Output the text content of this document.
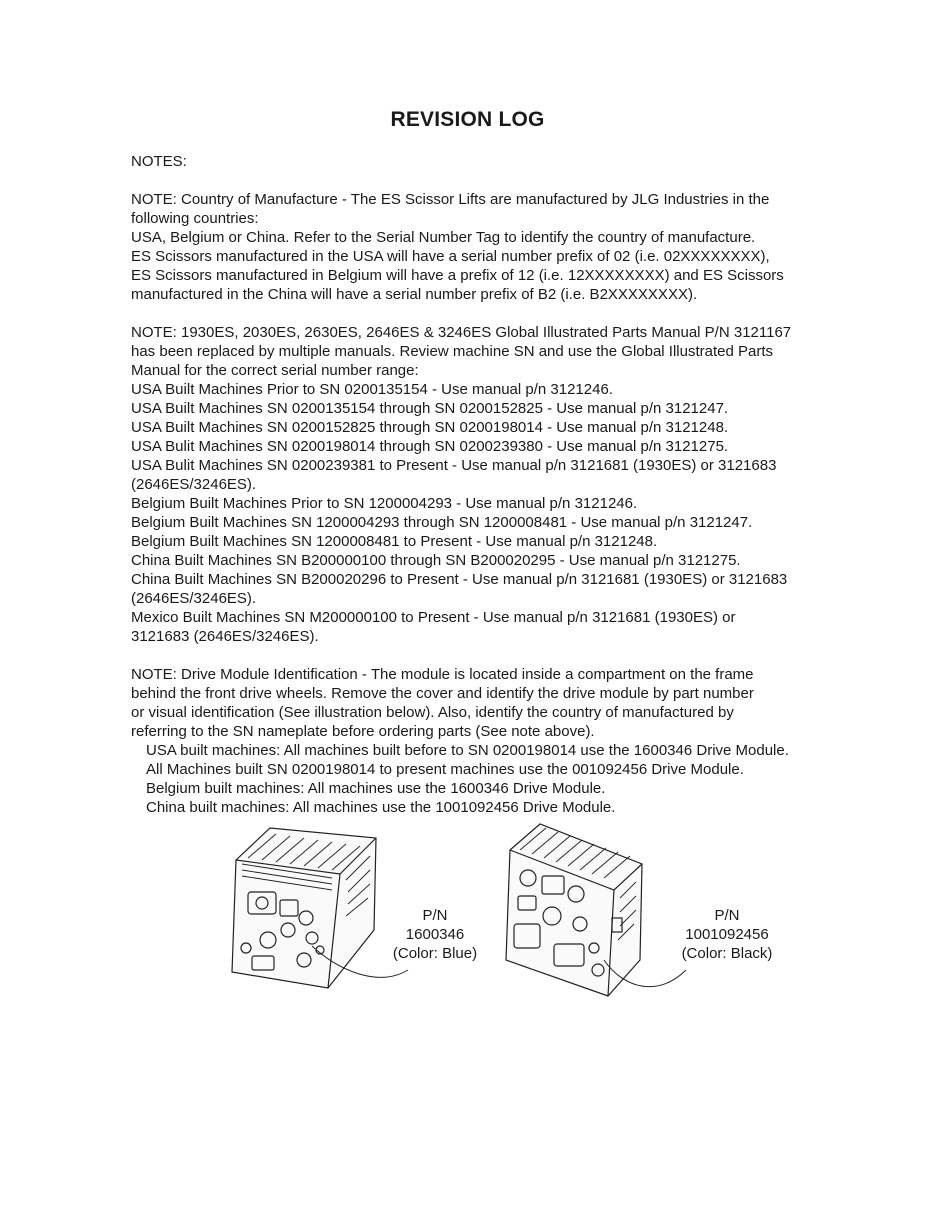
REVISION LOG

NOTES:

NOTE: Country of Manufacture - The ES Scissor Lifts are manufactured by JLG Industries in the

following countries:

USA, Belgium or China. Refer to the Serial Number Tag to identify the country of manufacture.

ES Scissors manufactured in the USA will have a serial number prefix of 02 (i.e. 02XXXXXXXX),

ES Scissors manufactured in Belgium will have a prefix of 12 (i.e. 12XXXXXXXX) and ES Scissors

manufactured in the China will have a serial number prefix of B2 (i.e. B2XXXXXXXX).

NOTE: 1930ES, 2030ES, 2630ES, 2646ES & 3246ES Global Illustrated Parts Manual P/N 3121167

has been replaced by multiple manuals. Review machine SN and use the Global Illustrated Parts

Manual for the correct serial number range:

USA Built Machines Prior to SN 0200135154 - Use manual p/n 3121246.

USA Built Machines SN 0200135154 through SN 0200152825 - Use manual p/n 3121247.

USA Built Machines SN 0200152825 through SN 0200198014 - Use manual p/n 3121248.

USA Bulit Machines SN 0200198014 through SN 0200239380 - Use manual p/n 3121275.

USA Bulit Machines SN 0200239381 to Present - Use manual p/n 3121681 (1930ES) or 3121683

(2646ES/3246ES).

Belgium Built Machines Prior to SN 1200004293 - Use manual p/n 3121246.

Belgium Built Machines SN 1200004293 through SN 1200008481 - Use manual p/n 3121247.

Belgium Built Machines SN 1200008481 to Present - Use manual p/n 3121248.

China Built Machines SN B200000100 through SN B200020295 - Use manual p/n 3121275.

China Built Machines SN B200020296 to Present - Use manual p/n 3121681 (1930ES) or 3121683

(2646ES/3246ES).

Mexico Built Machines SN M200000100 to Present - Use manual p/n 3121681 (1930ES) or

3121683 (2646ES/3246ES).

NOTE: Drive Module Identification - The module is located inside a compartment on the frame

behind the front drive wheels. Remove the cover and identify the drive module by part number

or visual identification (See illustration below). Also, identify the country of manufactured by

referring to the SN nameplate before ordering parts (See note above).

USA built machines: All machines built before to SN 0200198014 use the 1600346 Drive Module.

All Machines built SN 0200198014 to present machines use the 001092456 Drive Module.

Belgium built machines: All machines use the 1600346 Drive Module.

China built machines: All machines use the 1001092456 Drive Module.

P/N
1600346
(Color: Blue)
P/N
1001092456
(Color: Black)
